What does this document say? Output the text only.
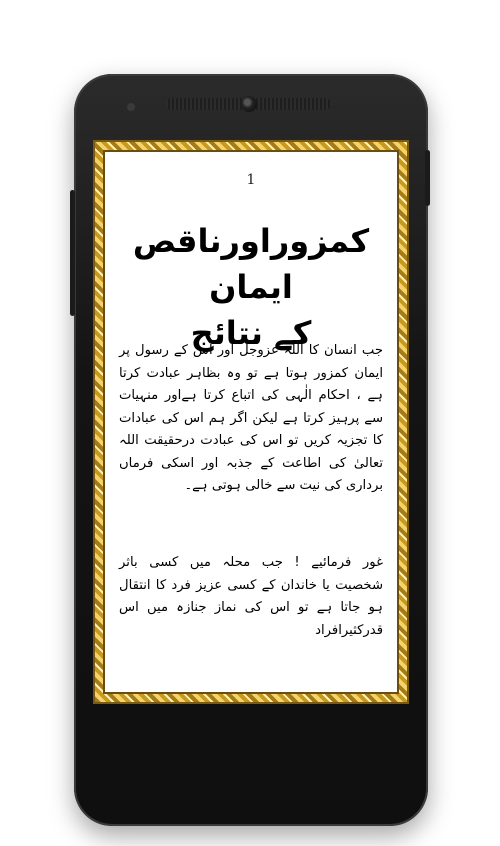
1
کمزوراورناقص ایمان
کے نتائج
جب انسان کا اللہ عزوجل اور اس کے رسول پر ایمان کمزور ہوتا ہے تو وہ بظاہر عبادت کرتا ہے ، احکام الٰہی کی اتباع کرتا ہےاور منہیات سے پرہیز کرتا ہے لیکن اگر ہم اس کی عبادات کا تجزیہ کریں تو اس کی عبادت درحقیقت اللہ تعالیٰ کی اطاعت کے جذبہ اور اسکی فرماں برداری کی نیت سے خالی ہوتی ہے۔
غور فرمائیے ! جب محلہ میں کسی باثر شخصیت یا خاندان کے کسی عزیز فرد کا انتقال ہو جاتا ہے تو اس کی نماز جنازہ میں اس قدرکثیرافراد
